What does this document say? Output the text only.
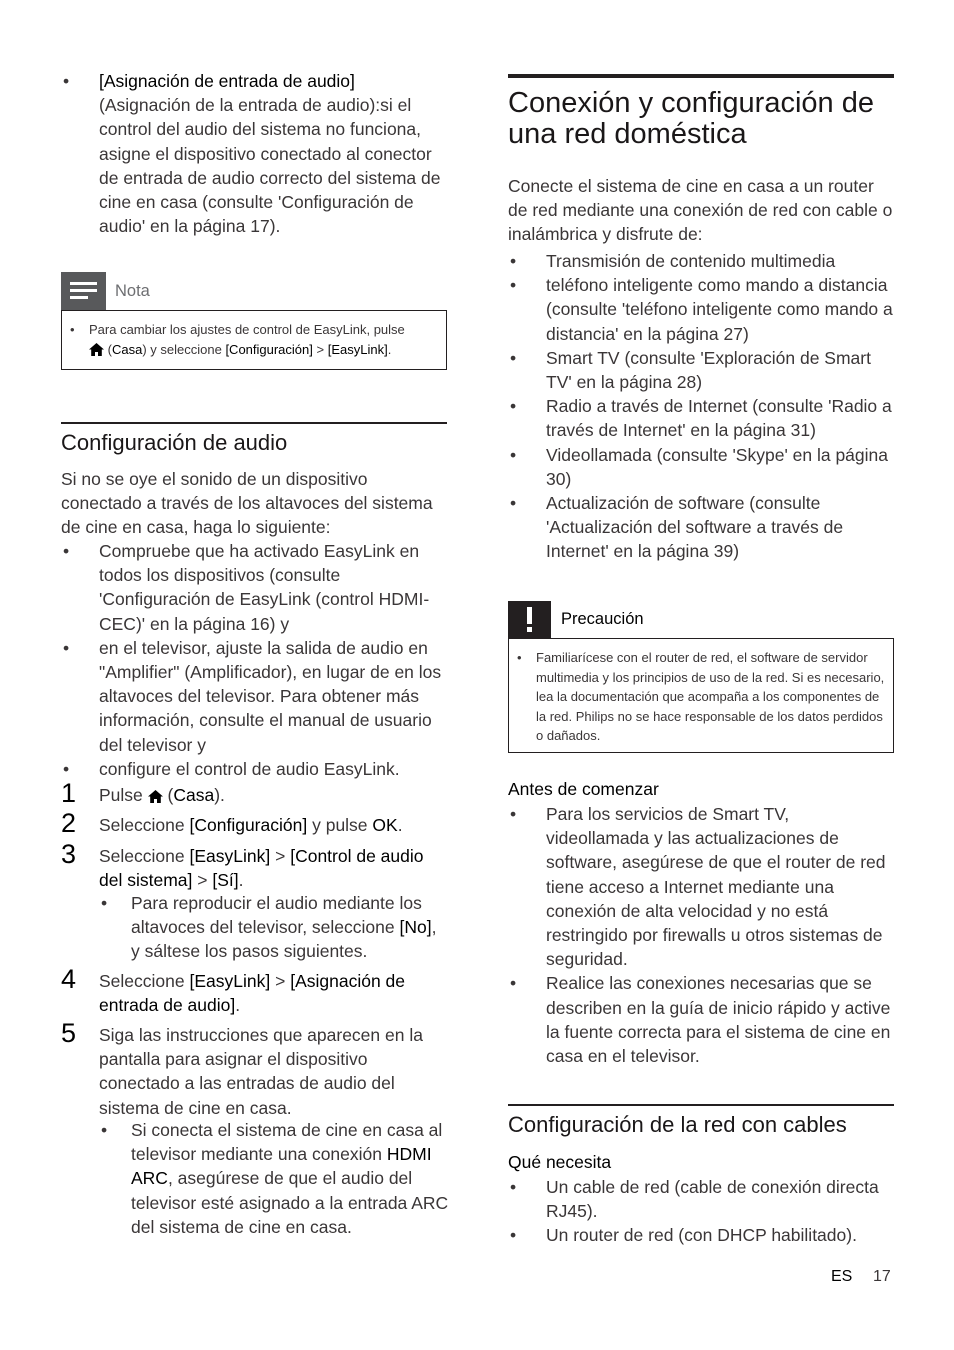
• [Asignación de entrada de audio]
(Asignación de la entrada de audio):si el control del audio del sistema no funciona, asigne el dispositivo conectado al conector de entrada de audio correcto del sistema de cine en casa (consulte 'Configuración de audio' en la página 17).
Nota
• Para cambiar los ajustes de control de EasyLink, pulse
(Casa) y seleccione [Configuración] > [EasyLink].
Configuración de audio
Si no se oye el sonido de un dispositivo conectado a través de los altavoces del sistema de cine en casa, haga lo siguiente:
• Compruebe que ha activado EasyLink en todos los dispositivos (consulte 'Configuración de EasyLink (control HDMI-CEC)' en la página 16) y
• en el televisor, ajuste la salida de audio en "Amplifier" (Amplificador), en lugar de en los altavoces del televisor. Para obtener más información, consulte el manual de usuario del televisor y
• configure el control de audio EasyLink.
1 Pulse (Casa).
2 Seleccione [Configuración] y pulse OK.
3 Seleccione [EasyLink] > [Control de audio del sistema] > [Sí].
• Para reproducir el audio mediante los altavoces del televisor, seleccione [No], y sáltese los pasos siguientes.
4 Seleccione [EasyLink] > [Asignación de entrada de audio].
5 Siga las instrucciones que aparecen en la pantalla para asignar el dispositivo conectado a las entradas de audio del sistema de cine en casa.
• Si conecta el sistema de cine en casa al televisor mediante una conexión HDMI ARC, asegúrese de que el audio del televisor esté asignado a la entrada ARC del sistema de cine en casa.
Conexión y configuración de una red doméstica
Conecte el sistema de cine en casa a un router de red mediante una conexión de red con cable o inalámbrica y disfrute de:
• Transmisión de contenido multimedia
• teléfono inteligente como mando a distancia (consulte 'teléfono inteligente como mando a distancia' en la página 27)
• Smart TV (consulte 'Exploración de Smart TV' en la página 28)
• Radio a través de Internet (consulte 'Radio a través de Internet' en la página 31)
• Videollamada (consulte 'Skype' en la página 30)
• Actualización de software (consulte 'Actualización del software a través de Internet' en la página 39)
Precaución
• Familiarícese con el router de red, el software de servidor multimedia y los principios de uso de la red. Si es necesario, lea la documentación que acompaña a los componentes de la red. Philips no se hace responsable de los datos perdidos o dañados.
Antes de comenzar
• Para los servicios de Smart TV, videollamada y las actualizaciones de software, asegúrese de que el router de red tiene acceso a Internet mediante una conexión de alta velocidad y no está restringido por firewalls u otros sistemas de seguridad.
• Realice las conexiones necesarias que se describen en la guía de inicio rápido y active la fuente correcta para el sistema de cine en casa en el televisor.
Configuración de la red con cables
Qué necesita
• Un cable de red (cable de conexión directa RJ45).
• Un router de red (con DHCP habilitado).
ES 17
